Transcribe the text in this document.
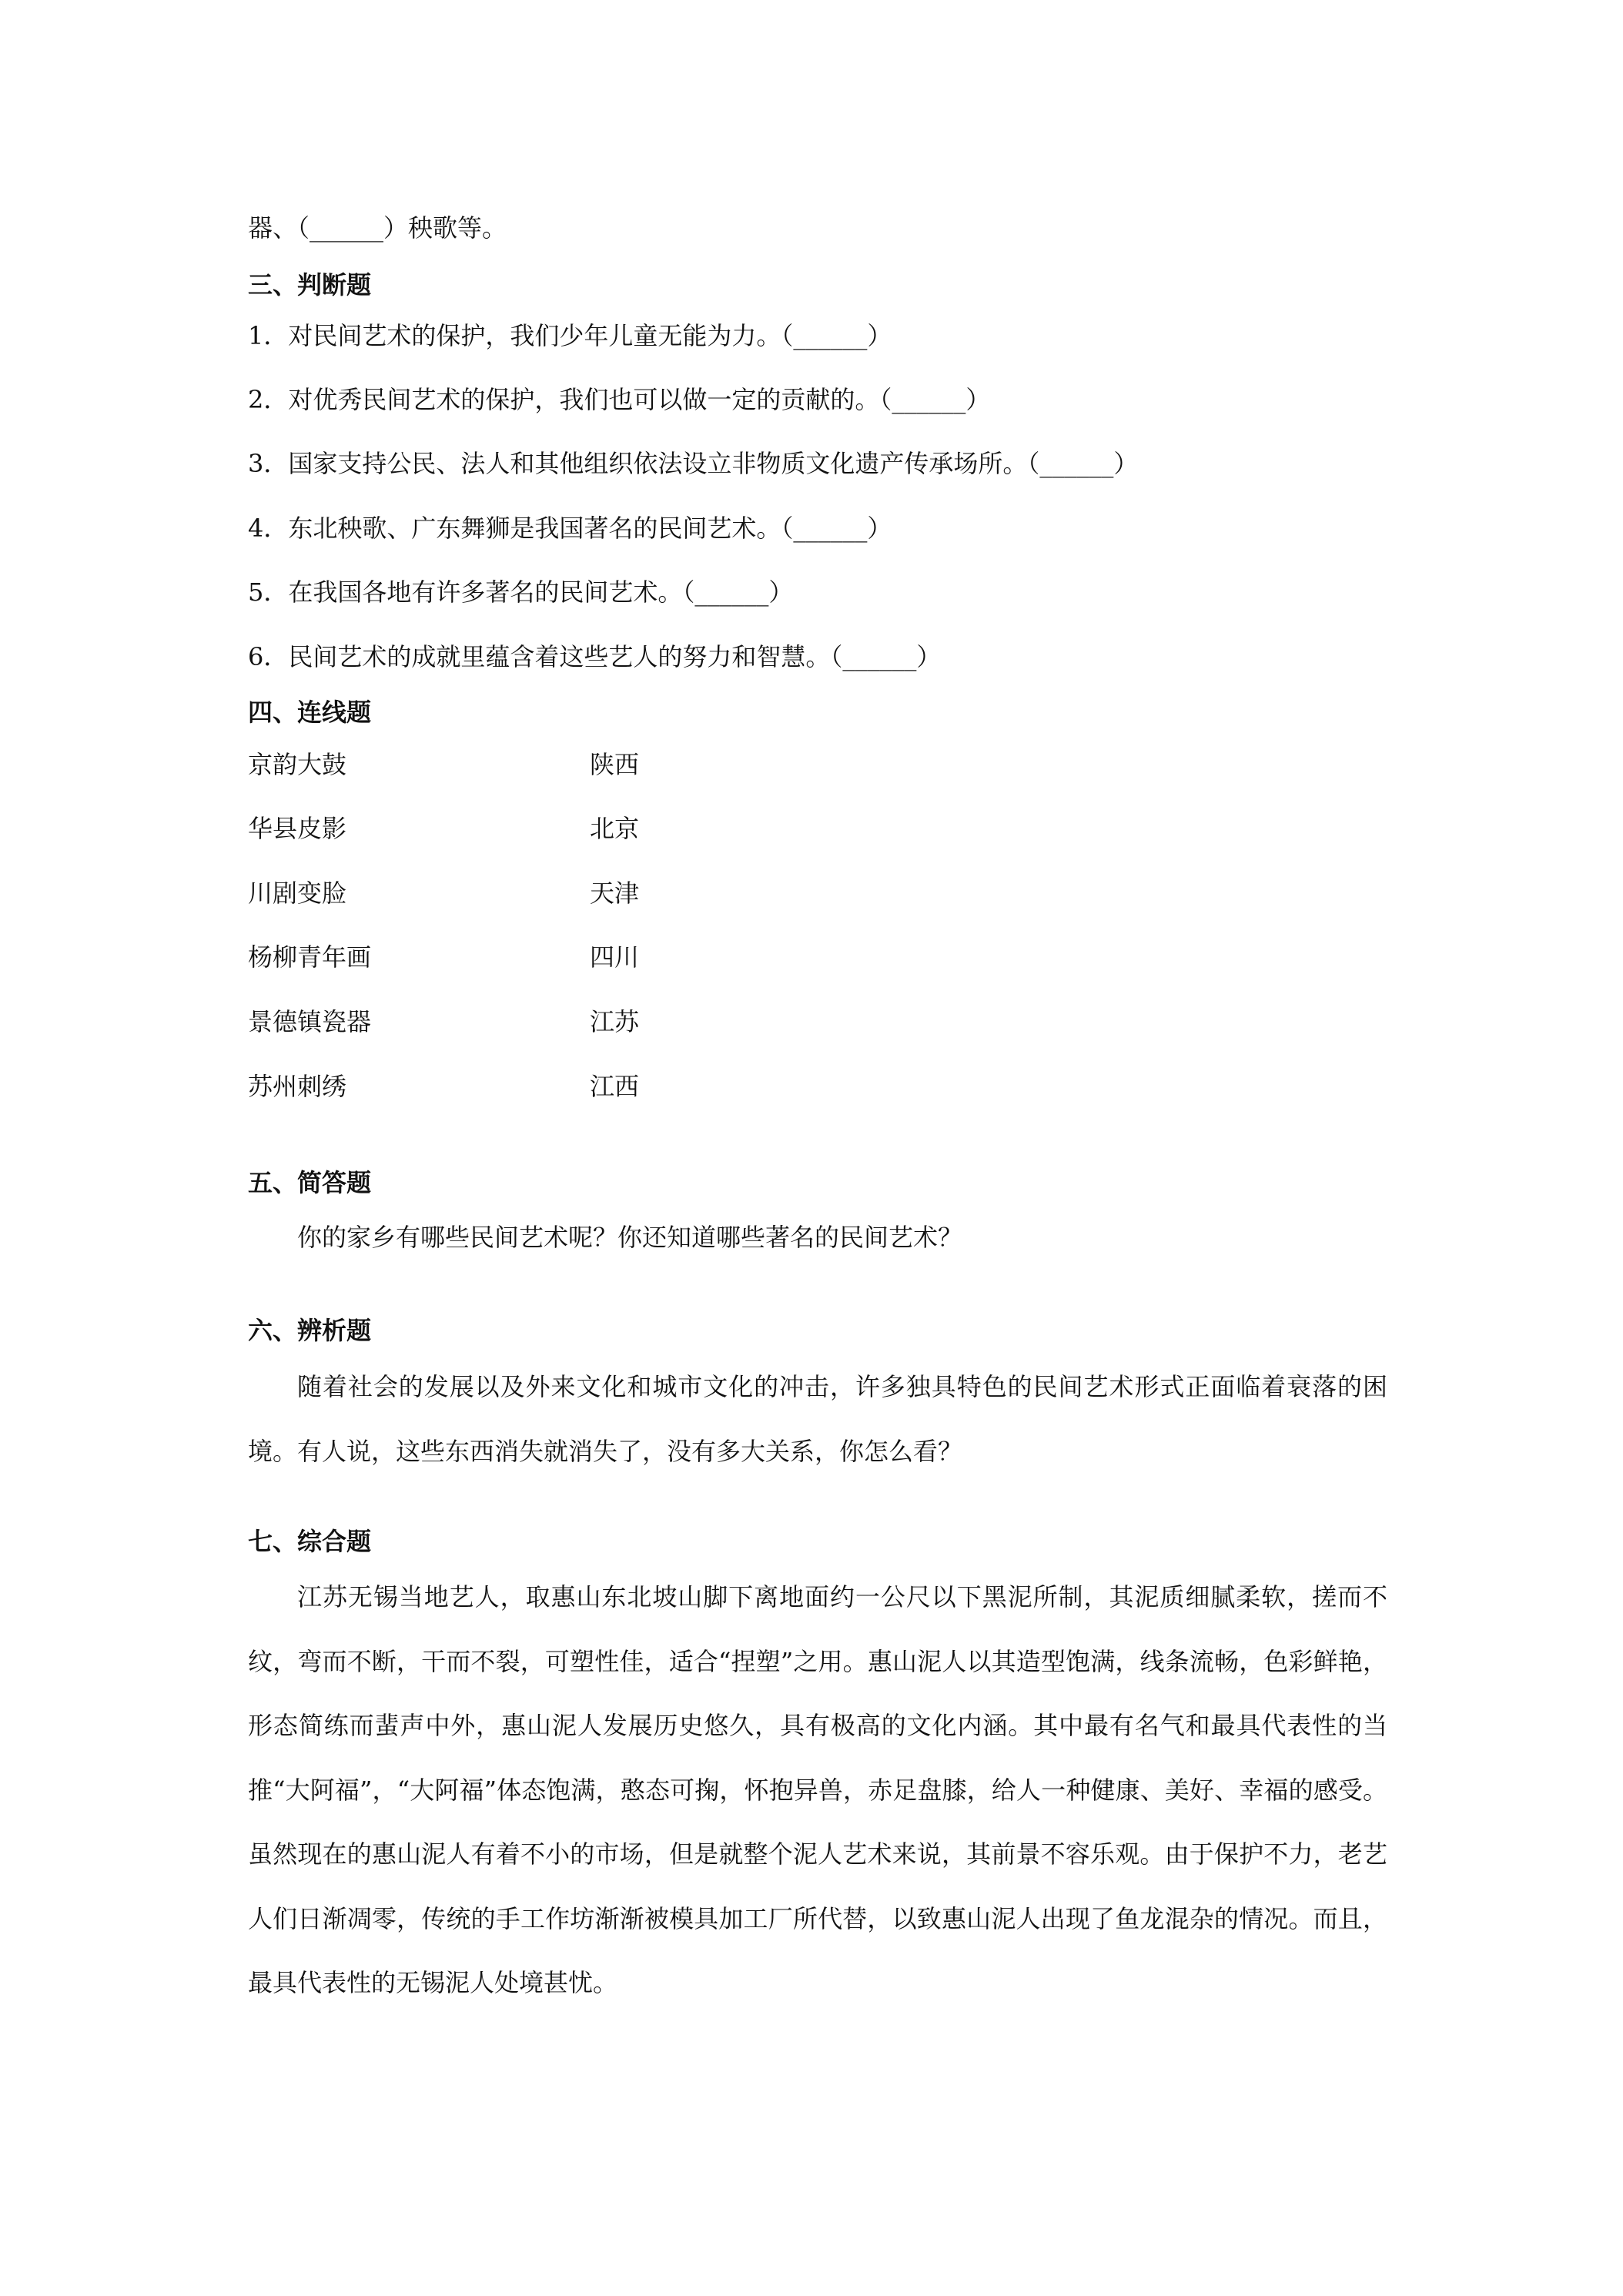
器、（______）秧歌等。
三、判断题
1．对民间艺术的保护，我们少年儿童无能为力。（______）
2．对优秀民间艺术的保护，我们也可以做一定的贡献的。（______）
3．国家支持公民、法人和其他组织依法设立非物质文化遗产传承场所。（______）
4．东北秧歌、广东舞狮是我国著名的民间艺术。（______）
5．在我国各地有许多著名的民间艺术。（______）
6．民间艺术的成就里蕴含着这些艺人的努力和智慧。（______）
四、连线题
京韵大鼓	陕西
华县皮影	北京
川剧变脸	天津
杨柳青年画	四川
景德镇瓷器	江苏
苏州刺绣	江西
五、简答题
你的家乡有哪些民间艺术呢？你还知道哪些著名的民间艺术？
六、辨析题
随着社会的发展以及外来文化和城市文化的冲击，许多独具特色的民间艺术形式正面临着衰落的困境。有人说，这些东西消失就消失了，没有多大关系，你怎么看？
七、综合题
江苏无锡当地艺人，取惠山东北坡山脚下离地面约一公尺以下黑泥所制，其泥质细腻柔软，搓而不纹，弯而不断，干而不裂，可塑性佳，适合“捏塑”之用。惠山泥人以其造型饱满，线条流畅，色彩鲜艳，形态简练而蜚声中外，惠山泥人发展历史悠久，具有极高的文化内涵。其中最有名气和最具代表性的当推“大阿福”，“大阿福”体态饱满，憨态可掬，怀抱异兽，赤足盘膝，给人一种健康、美好、幸福的感受。 虽然现在的惠山泥人有着不小的市场，但是就整个泥人艺术来说，其前景不容乐观。由于保护不力，老艺人们日渐凋零，传统的手工作坊渐渐被模具加工厂所代替，以致惠山泥人出现了鱼龙混杂的情况。而且，最具代表性的无锡泥人处境甚忧。
